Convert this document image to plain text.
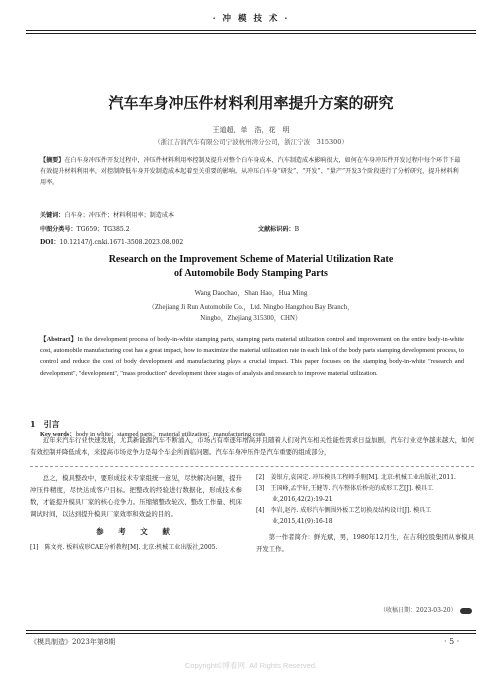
· 冲 模 技 术 ·
汽车车身冲压件材料利用率提升方案的研究
王道超，单　浩，花　明
（浙江吉润汽车有限公司宁波杭州湾分公司，浙江宁波　315300）
【摘要】在白车身冲压件开发过程中，冲压件材料利用率控制及提升对整个白车身成本、汽车制造成本影响很大，如何在车身冲压件开发过程中每个环节下最有效提升材料利用率，对控制降低车身开发制造成本起着至关重要的影响。从冲压白车身“研发”、“开发”、“量产”开发3个阶段进行了分析研究，提升材料利用率。
关键词：白车身；冲压件；材料利用率；制造成本
中图分类号：TG659；TG385.2	文献标识码：B
DOI：10.12147/j.cnki.1671-3508.2023.08.002
Research on the Improvement Scheme of Material Utilization Rate
of Automobile Body Stamping Parts
Wang Daochao，Shan Hao，Hua Ming
（Zhejiang Ji Run Automobile Co.，Ltd. Ningbo Hangzhou Bay Branch，
Ningbo，Zhejiang 315300，CHN）
【Abstract】In the development process of body-in-white stamping parts, stamping parts material utilization control and improvement on the entire body-in-white cost, automobile manufacturing cost has a great impact, how to maximize the material utilization rate in each link of the body parts stamping development process, to control and reduce the cost of body development and manufacturing plays a crucial impact. This paper focuses on the stamping body-in-white "research and development", "development", "mass production" development three stages of analysis and research to improve material utilization.
Key words：body in white；stamped parts；material utilization；manufacturing costs
1　引言
近年来汽车行业快速发展，尤其新能源汽车不断涌入，市场占有率逐年增高并且随着人们对汽车相关性能性需求日益加剧，汽车行业竞争越来越大，如何有效控制并降低成本，来提高市场竞争力是每个车企所面临问题。汽车车身冲压件是汽车重要的组成部分，
总之，模具整改中，要形成技术专家组统一意见，尽快解决问题，提升冲压件精度，尽快达成客户目标。把整改的经验进行数据化，形成技术参数，才能提升模具厂家的核心竞争力。压缩缩整改轮次、整改工作量、机床调试时间，以达到提升模具厂家效率和效益的目的。
参 考 文 献
[1]　陈文亮. 板料成形CAE分析教程[M]. 北京:机械工业出版社,2005.
[2]　姜银方,袁国定. 冲压模具工程师手册[M]. 北京:机械工业出版社,2011.
[3]　王国峰,孟宇轩,王健等. 汽车整体后桥壳的成形工艺[J]. 模具工业,2016,42(2):19-21
[4]　李岩,赵丹. 成形汽车侧围外板工艺切换及结构设计[J]. 模具工业,2015,41(9):16-18
第一作者简介：鲜光斌，男，1980年12月生，在吉利控股集团从事模具开发工作。
（收稿日期：2023-03-20）
《模具制造》2023年第8期	· 5 ·
Copyright©博看网. All Rights Reserved.
